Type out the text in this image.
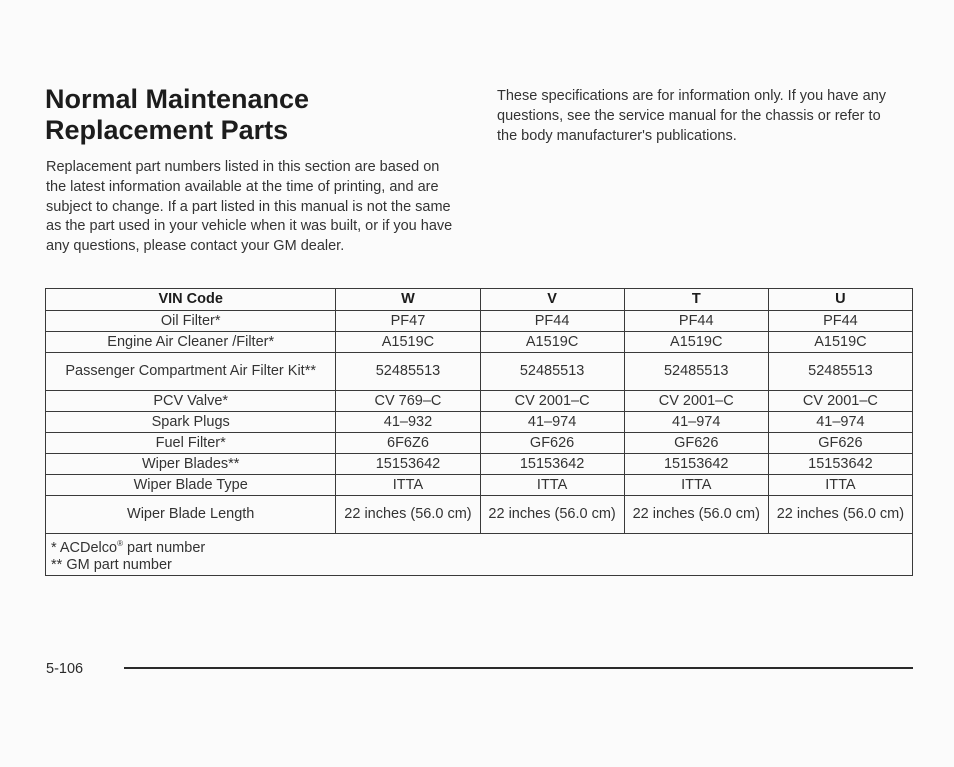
Normal Maintenance Replacement Parts

Replacement part numbers listed in this section are based on the latest information available at the time of printing, and are subject to change. If a part listed in this manual is not the same as the part used in your vehicle when it was built, or if you have any questions, please contact your GM dealer.

These specifications are for information only. If you have any questions, see the service manual for the chassis or refer to the body manufacturer's publications.

VIN Code	W	V	T	U
Oil Filter*	PF47	PF44	PF44	PF44
Engine Air Cleaner /Filter*	A1519C	A1519C	A1519C	A1519C
Passenger Compartment Air Filter Kit**	52485513	52485513	52485513	52485513
PCV Valve*	CV 769–C	CV 2001–C	CV 2001–C	CV 2001–C
Spark Plugs	41–932	41–974	41–974	41–974
Fuel Filter*	6F6Z6	GF626	GF626	GF626
Wiper Blades**	15153642	15153642	15153642	15153642
Wiper Blade Type	ITTA	ITTA	ITTA	ITTA
Wiper Blade Length	22 inches (56.0 cm)	22 inches (56.0 cm)	22 inches (56.0 cm)	22 inches (56.0 cm)

* ACDelco® part number
** GM part number				
5-106
